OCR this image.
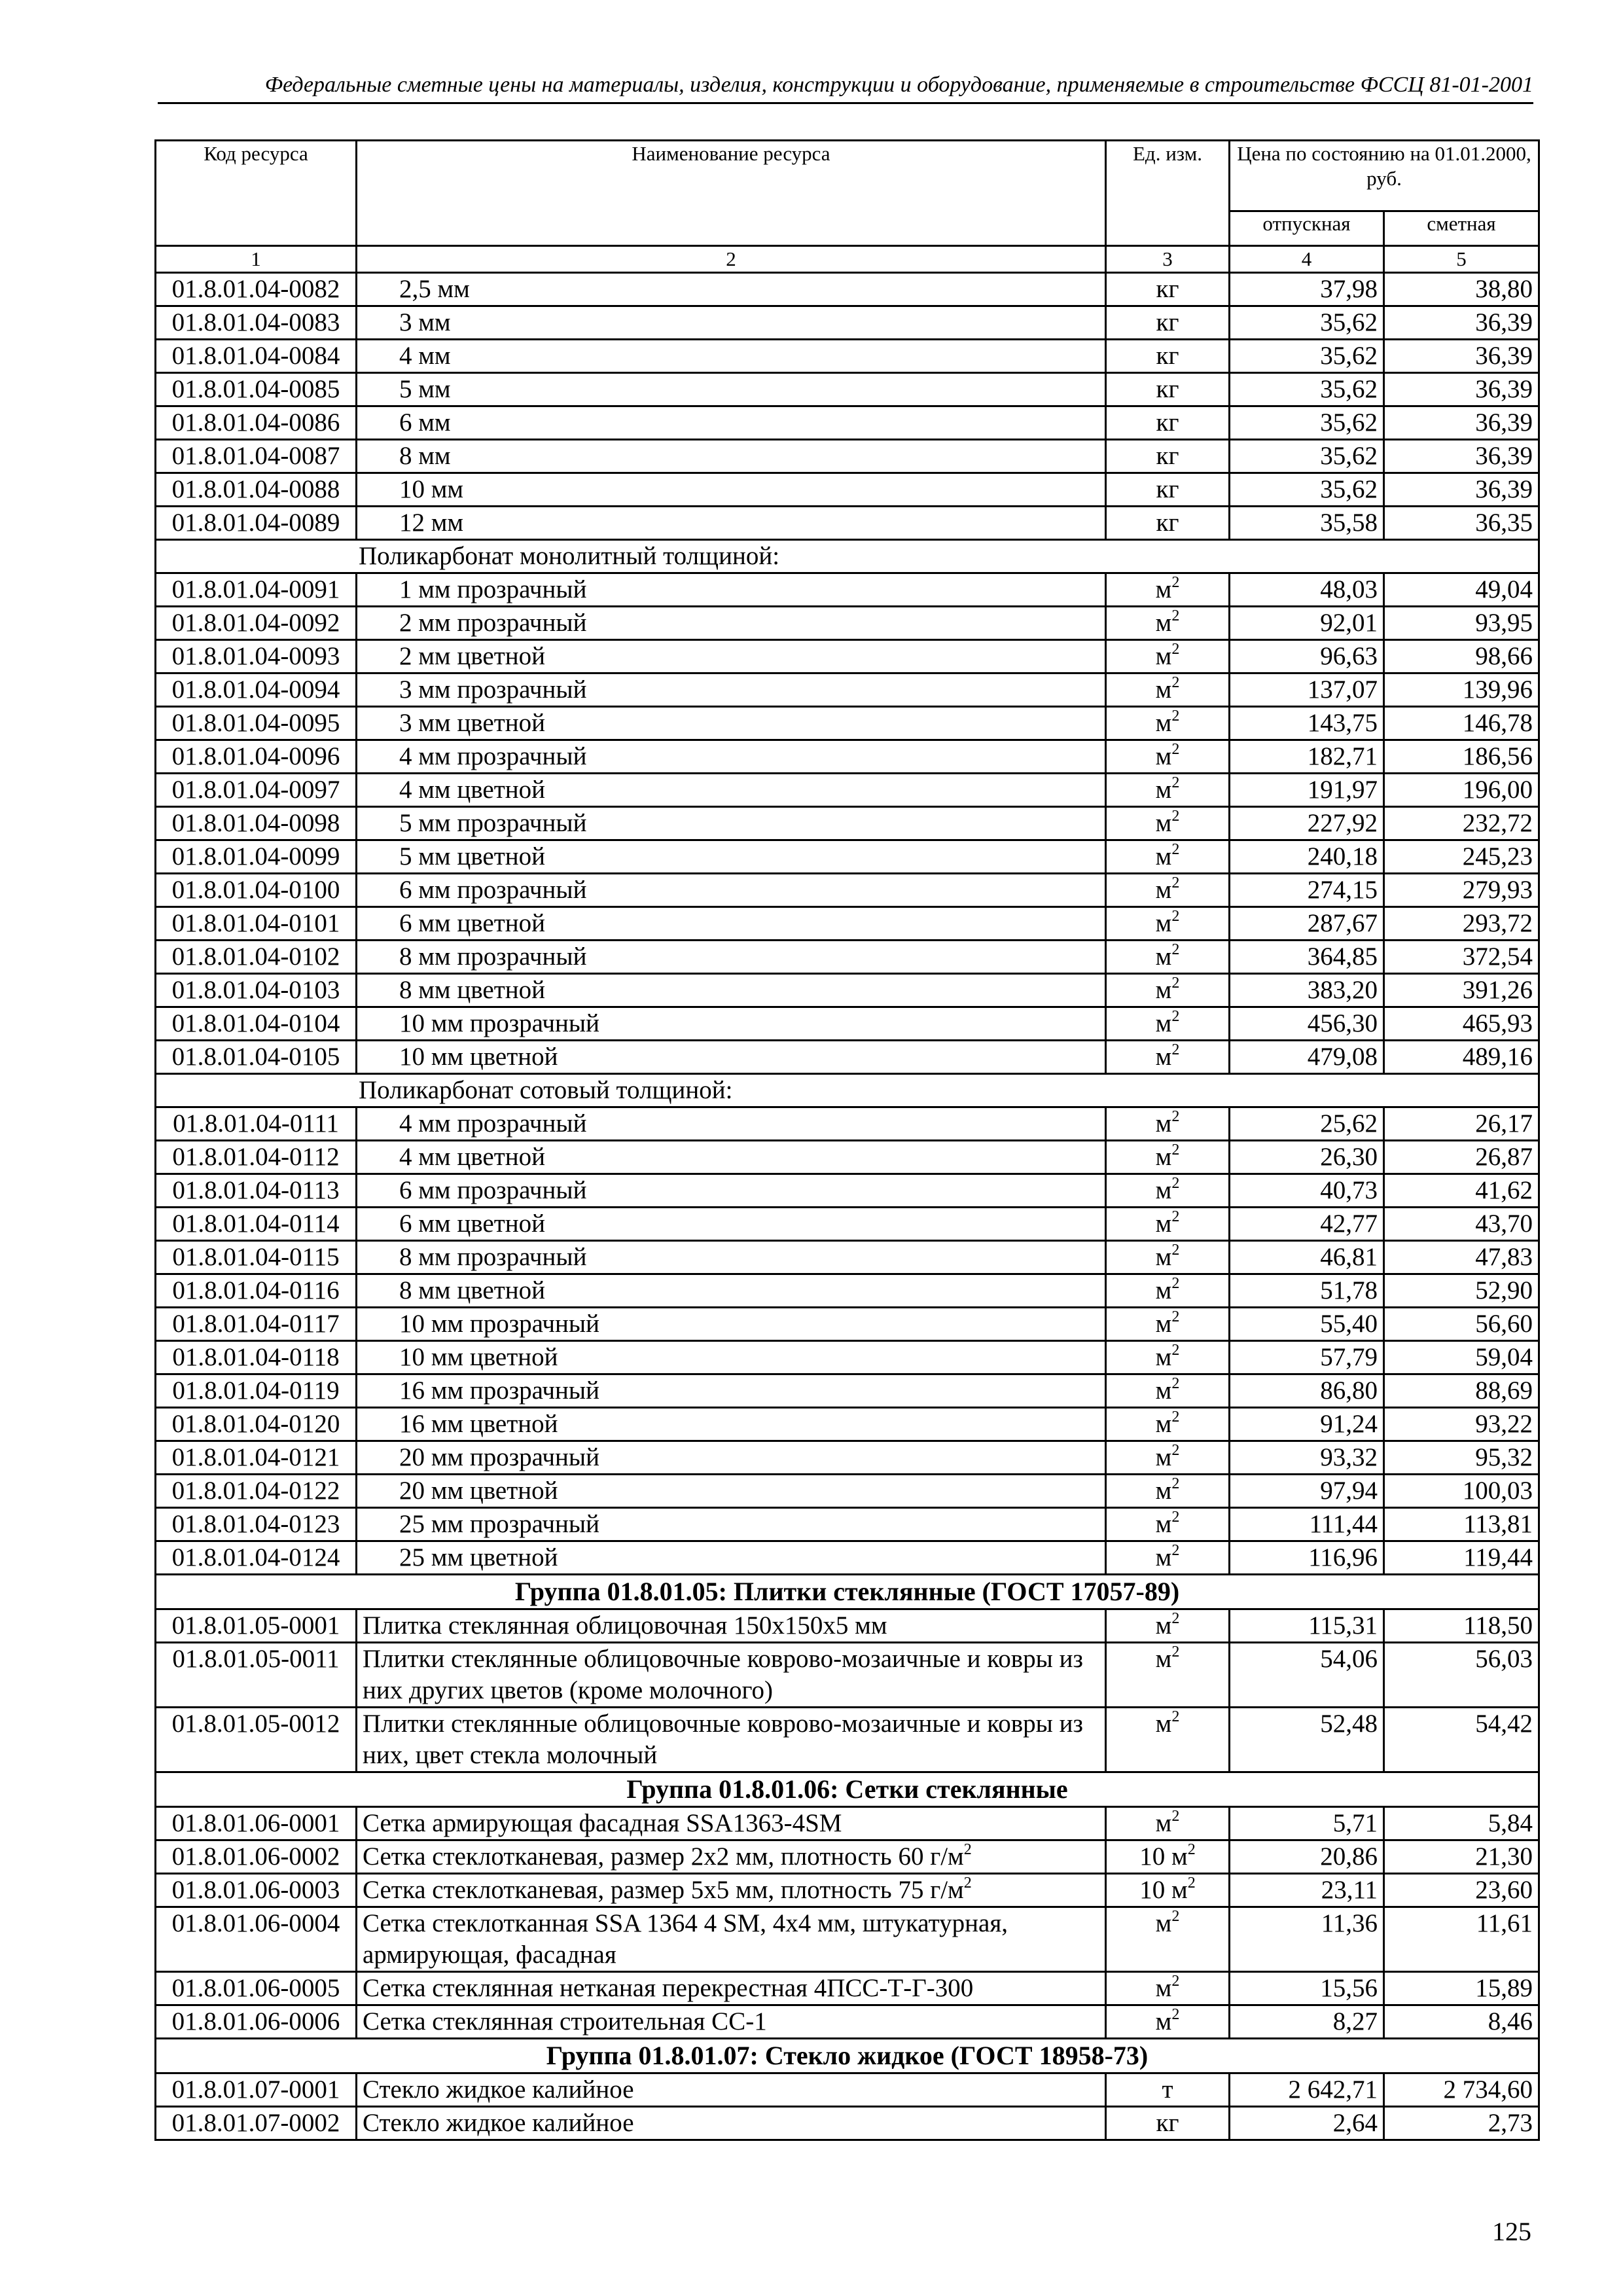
Федеральные сметные цены на материалы, изделия, конструкции и оборудование, применяемые в строительстве ФССЦ 81-01-2001
Код ресурса	Наименование ресурса	Ед. изм.	Цена по состоянию на 01.01.2000, руб.	
			отпускная	сметная
1	2	3	4	5
01.8.01.04-0082	2,5 мм	кг	37,98	38,80
01.8.01.04-0083	3 мм	кг	35,62	36,39
01.8.01.04-0084	4 мм	кг	35,62	36,39
01.8.01.04-0085	5 мм	кг	35,62	36,39
01.8.01.04-0086	6 мм	кг	35,62	36,39
01.8.01.04-0087	8 мм	кг	35,62	36,39
01.8.01.04-0088	10 мм	кг	35,62	36,39
01.8.01.04-0089	12 мм	кг	35,58	36,35
Поликарбонат монолитный толщиной:				
01.8.01.04-0091	1 мм прозрачный	$м^2$	48,03	49,04
01.8.01.04-0092	2 мм прозрачный	$м^2$	92,01	93,95
01.8.01.04-0093	2 мм цветной	$м^2$	96,63	98,66
01.8.01.04-0094	3 мм прозрачный	$м^2$	137,07	139,96
01.8.01.04-0095	3 мм цветной	$м^2$	143,75	146,78
01.8.01.04-0096	4 мм прозрачный	$м^2$	182,71	186,56
01.8.01.04-0097	4 мм цветной	$м^2$	191,97	196,00
01.8.01.04-0098	5 мм прозрачный	$м^2$	227,92	232,72
01.8.01.04-0099	5 мм цветной	$м^2$	240,18	245,23
01.8.01.04-0100	6 мм прозрачный	$м^2$	274,15	279,93
01.8.01.04-0101	6 мм цветной	$м^2$	287,67	293,72
01.8.01.04-0102	8 мм прозрачный	$м^2$	364,85	372,54
01.8.01.04-0103	8 мм цветной	$м^2$	383,20	391,26
01.8.01.04-0104	10 мм прозрачный	$м^2$	456,30	465,93
01.8.01.04-0105	10 мм цветной	$м^2$	479,08	489,16
Поликарбонат сотовый толщиной:				
01.8.01.04-0111	4 мм прозрачный	$м^2$	25,62	26,17
01.8.01.04-0112	4 мм цветной	$м^2$	26,30	26,87
01.8.01.04-0113	6 мм прозрачный	$м^2$	40,73	41,62
01.8.01.04-0114	6 мм цветной	$м^2$	42,77	43,70
01.8.01.04-0115	8 мм прозрачный	$м^2$	46,81	47,83
01.8.01.04-0116	8 мм цветной	$м^2$	51,78	52,90
01.8.01.04-0117	10 мм прозрачный	$м^2$	55,40	56,60
01.8.01.04-0118	10 мм цветной	$м^2$	57,79	59,04
01.8.01.04-0119	16 мм прозрачный	$м^2$	86,80	88,69
01.8.01.04-0120	16 мм цветной	$м^2$	91,24	93,22
01.8.01.04-0121	20 мм прозрачный	$м^2$	93,32	95,32
01.8.01.04-0122	20 мм цветной	$м^2$	97,94	100,03
01.8.01.04-0123	25 мм прозрачный	$м^2$	111,44	113,81
01.8.01.04-0124	25 мм цветной	$м^2$	116,96	119,44
Группа 01.8.01.05: Плитки стеклянные (ГОСТ 17057-89)				
01.8.01.05-0001	Плитка стеклянная облицовочная 150х150х5 мм	$м^2$	115,31	118,50
01.8.01.05-0011	Плитки стеклянные облицовочные коврово-мозаичные и ковры из них других цветов (кроме молочного)	$м^2$	54,06	56,03
01.8.01.05-0012	Плитки стеклянные облицовочные коврово-мозаичные и ковры из них, цвет стекла молочный	$м^2$	52,48	54,42
Группа 01.8.01.06: Сетки стеклянные				
01.8.01.06-0001	Сетка армирующая фасадная SSA1363-4SM	$м^2$	5,71	5,84
01.8.01.06-0002	Сетка стеклотканевая, размер 2х2 мм, плотность 60 $г/м^2$	10 $м^2$	20,86	21,30
01.8.01.06-0003	Сетка стеклотканевая, размер 5х5 мм, плотность 75 $г/м^2$	10 $м^2$	23,11	23,60
01.8.01.06-0004	Сетка стеклотканная SSA 1364 4 SM, 4х4 мм, штукатурная, армирующая, фасадная	$м^2$	11,36	11,61
01.8.01.06-0005	Сетка стеклянная нетканая перекрестная 4ПСС-Т-Г-300	$м^2$	15,56	15,89
01.8.01.06-0006	Сетка стеклянная строительная СС-1	$м^2$	8,27	8,46
Группа 01.8.01.07: Стекло жидкое (ГОСТ 18958-73)				
01.8.01.07-0001	Стекло жидкое калийное	т	2 642,71	2 734,60
01.8.01.07-0002	Стекло жидкое калийное	кг	2,64	2,73
125
